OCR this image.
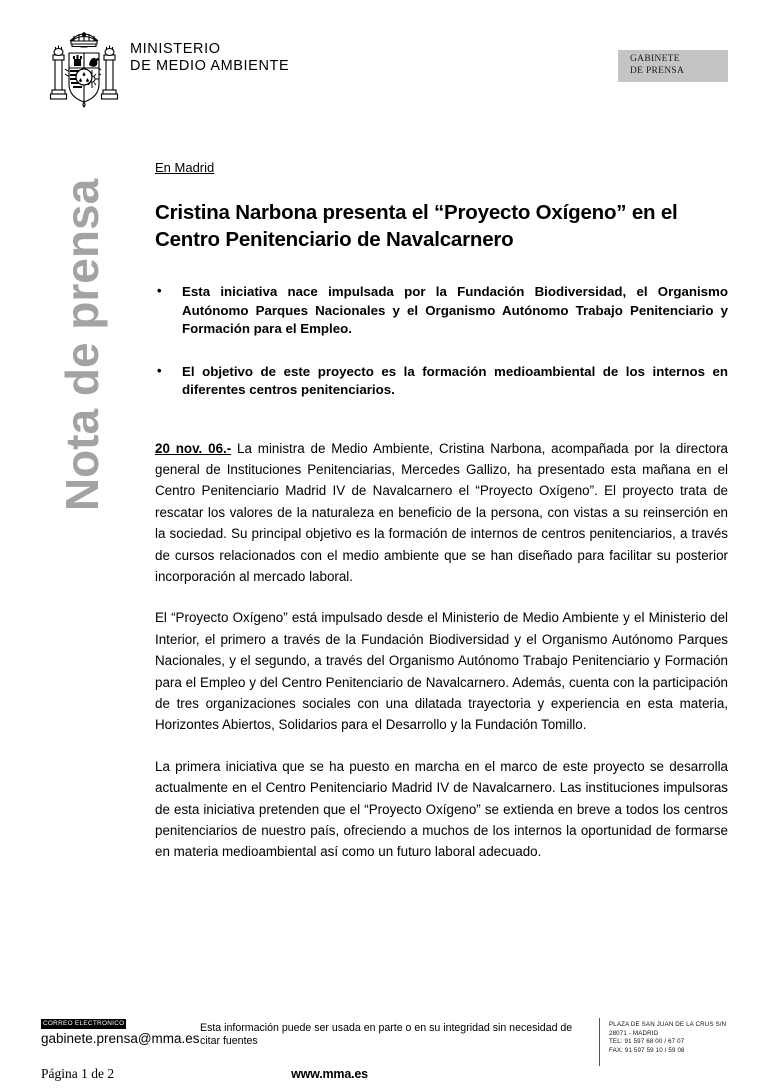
MINISTERIO
DE MEDIO AMBIENTE	GABINETE
DE PRENSA
Nota de prensa
En Madrid
Cristina Narbona presenta el “Proyecto Oxígeno” en el
Centro Penitenciario de Navalcarnero
• Esta iniciativa nace impulsada por la Fundación Biodiversidad, el Organismo Autónomo Parques Nacionales y el Organismo Autónomo Trabajo Penitenciario y Formación para el Empleo.
• El objetivo de este proyecto es la formación medioambiental de los internos en diferentes centros penitenciarios.

20 nov. 06.- La ministra de Medio Ambiente, Cristina Narbona, acompañada por la directora general de Instituciones Penitenciarias, Mercedes Gallizo, ha presentado esta mañana en el Centro Penitenciario Madrid IV de Navalcarnero el “Proyecto Oxígeno”. El proyecto trata de rescatar los valores de la naturaleza en beneficio de la persona, con vistas a su reinserción en la sociedad. Su principal objetivo es la formación de internos de centros penitenciarios, a través de cursos relacionados con el medio ambiente que se han diseñado para facilitar su posterior incorporación al mercado laboral.

El “Proyecto Oxígeno” está impulsado desde el Ministerio de Medio Ambiente y el Ministerio del Interior, el primero a través de la Fundación Biodiversidad y el Organismo Autónomo Parques Nacionales, y el segundo, a través del Organismo Autónomo Trabajo Penitenciario y Formación para el Empleo y del Centro Penitenciario de Navalcarnero. Además, cuenta con la participación de tres organizaciones sociales con una dilatada trayectoria y experiencia en esta materia, Horizontes Abiertos, Solidarios para el Desarrollo y la Fundación Tomillo.

La primera iniciativa que se ha puesto en marcha en el marco de este proyecto se desarrolla actualmente en el Centro Penitenciario Madrid IV de Navalcarnero. Las instituciones impulsoras de esta iniciativa pretenden que el “Proyecto Oxígeno” se extienda en breve a todos los centros penitenciarios de nuestro país, ofreciendo a muchos de los internos la oportunidad de formarse en materia medioambiental así como un futuro laboral adecuado.

CORREO ELECTRONICO
gabinete.prensa@mma.es
Esta información puede ser usada en parte o en su integridad sin necesidad de citar fuentes
PLAZA DE SAN JUAN DE LA CRUS S/N
28071 - MADRID
TEL: 91 597 68 00 / 67 07
FAX: 91 597 59 10 / 59 08
Página 1 de 2	www.mma.es
